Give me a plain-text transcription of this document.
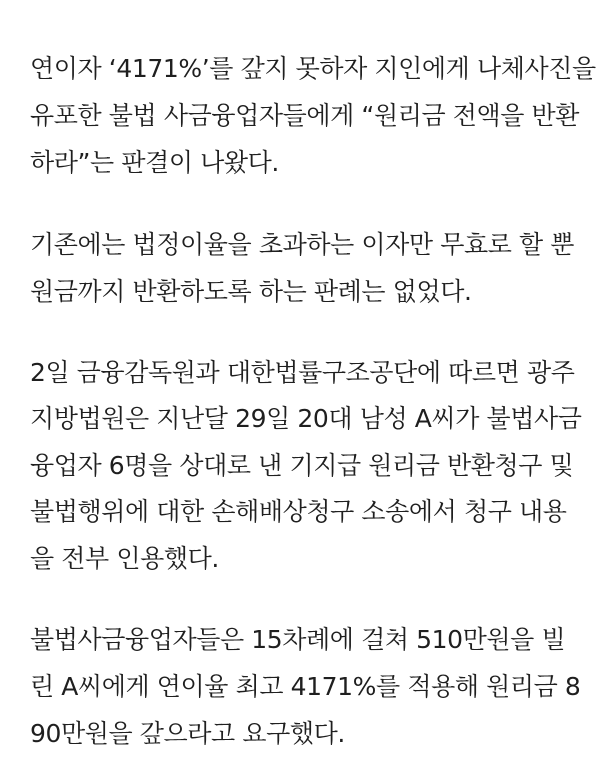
연이자 ‘4171%’를 갚지 못하자 지인에게 나체사진을
유포한 불법 사금융업자들에게 “원리금 전액을 반환
하라”는 판결이 나왔다.
기존에는 법정이율을 초과하는 이자만 무효로 할 뿐
원금까지 반환하도록 하는 판례는 없었다.
2일 금융감독원과 대한법률구조공단에 따르면 광주
지방법원은 지난달 29일 20대 남성 A씨가 불법사금
융업자 6명을 상대로 낸 기지급 원리금 반환청구 및
불법행위에 대한 손해배상청구 소송에서 청구 내용
을 전부 인용했다.
불법사금융업자들은 15차례에 걸쳐 510만원을 빌
린 A씨에게 연이율 최고 4171%를 적용해 원리금 8
90만원을 갚으라고 요구했다.
